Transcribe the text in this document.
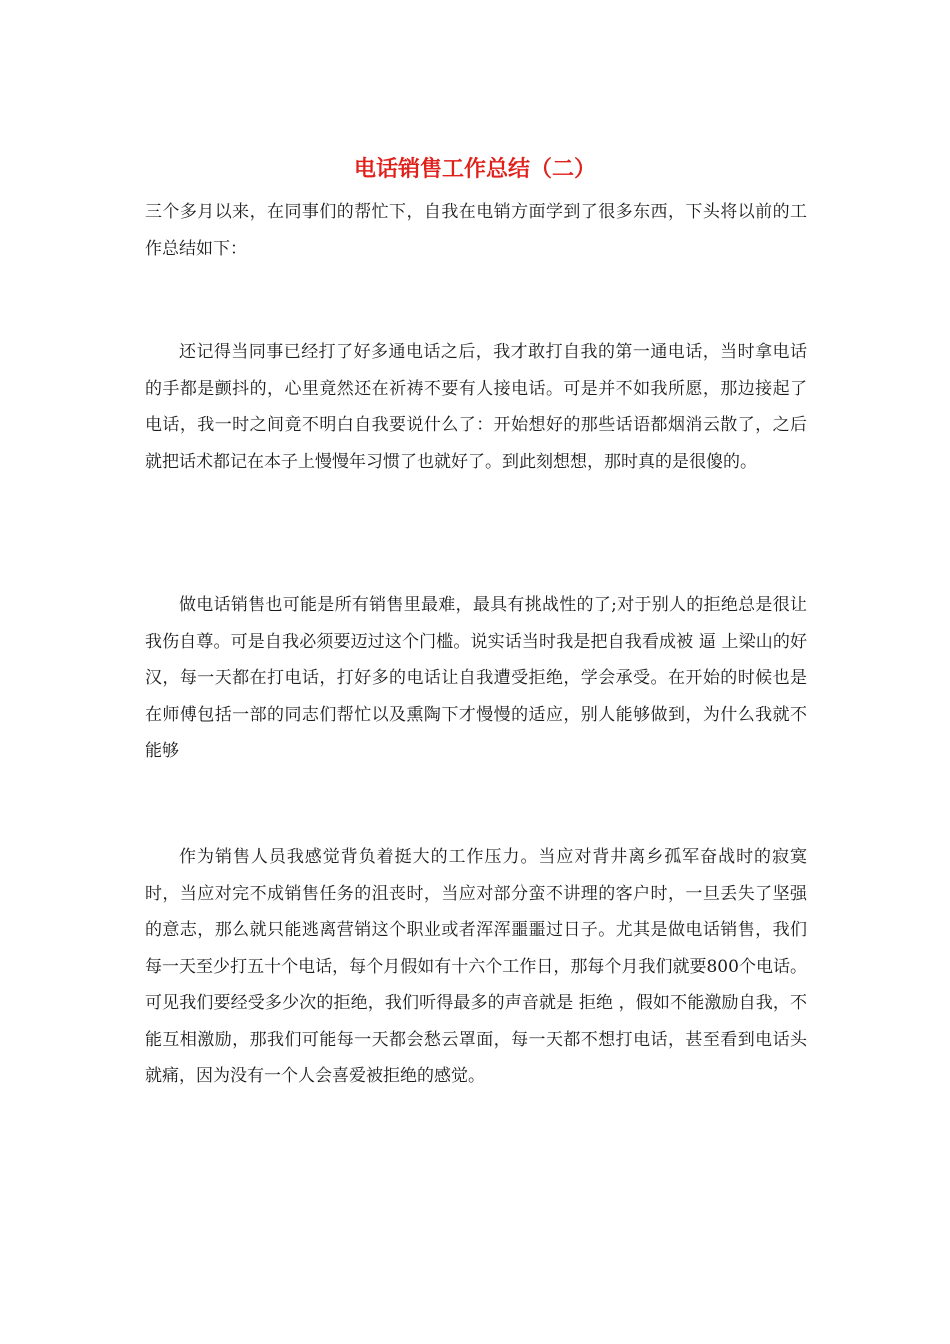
电话销售工作总结（二）

三个多月以来，在同事们的帮忙下，自我在电销方面学到了很多东西，下头将以前的工作总结如下：

还记得当同事已经打了好多通电话之后，我才敢打自我的第一通电话，当时拿电话的手都是颤抖的，心里竟然还在祈祷不要有人接电话。可是并不如我所愿，那边接起了电话，我一时之间竟不明白自我要说什么了：开始想好的那些话语都烟消云散了，之后就把话术都记在本子上慢慢年习惯了也就好了。到此刻想想，那时真的是很傻的。

做电话销售也可能是所有销售里最难，最具有挑战性的了;对于别人的拒绝总是很让我伤自尊。可是自我必须要迈过这个门槛。说实话当时我是把自我看成被 逼 上梁山的好汉，每一天都在打电话，打好多的电话让自我遭受拒绝，学会承受。在开始的时候也是在师傅包括一部的同志们帮忙以及熏陶下才慢慢的适应，别人能够做到，为什么我就不能够

作为销售人员我感觉背负着挺大的工作压力。当应对背井离乡孤军奋战时的寂寞时，当应对完不成销售任务的沮丧时，当应对部分蛮不讲理的客户时，一旦丢失了坚强的意志，那么就只能逃离营销这个职业或者浑浑噩噩过日子。尤其是做电话销售，我们每一天至少打五十个电话，每个月假如有十六个工作日，那每个月我们就要800个电话。可见我们要经受多少次的拒绝，我们听得最多的声音就是 拒绝 ，假如不能激励自我，不能互相激励，那我们可能每一天都会愁云罩面，每一天都不想打电话，甚至看到电话头就痛，因为没有一个人会喜爱被拒绝的感觉。
